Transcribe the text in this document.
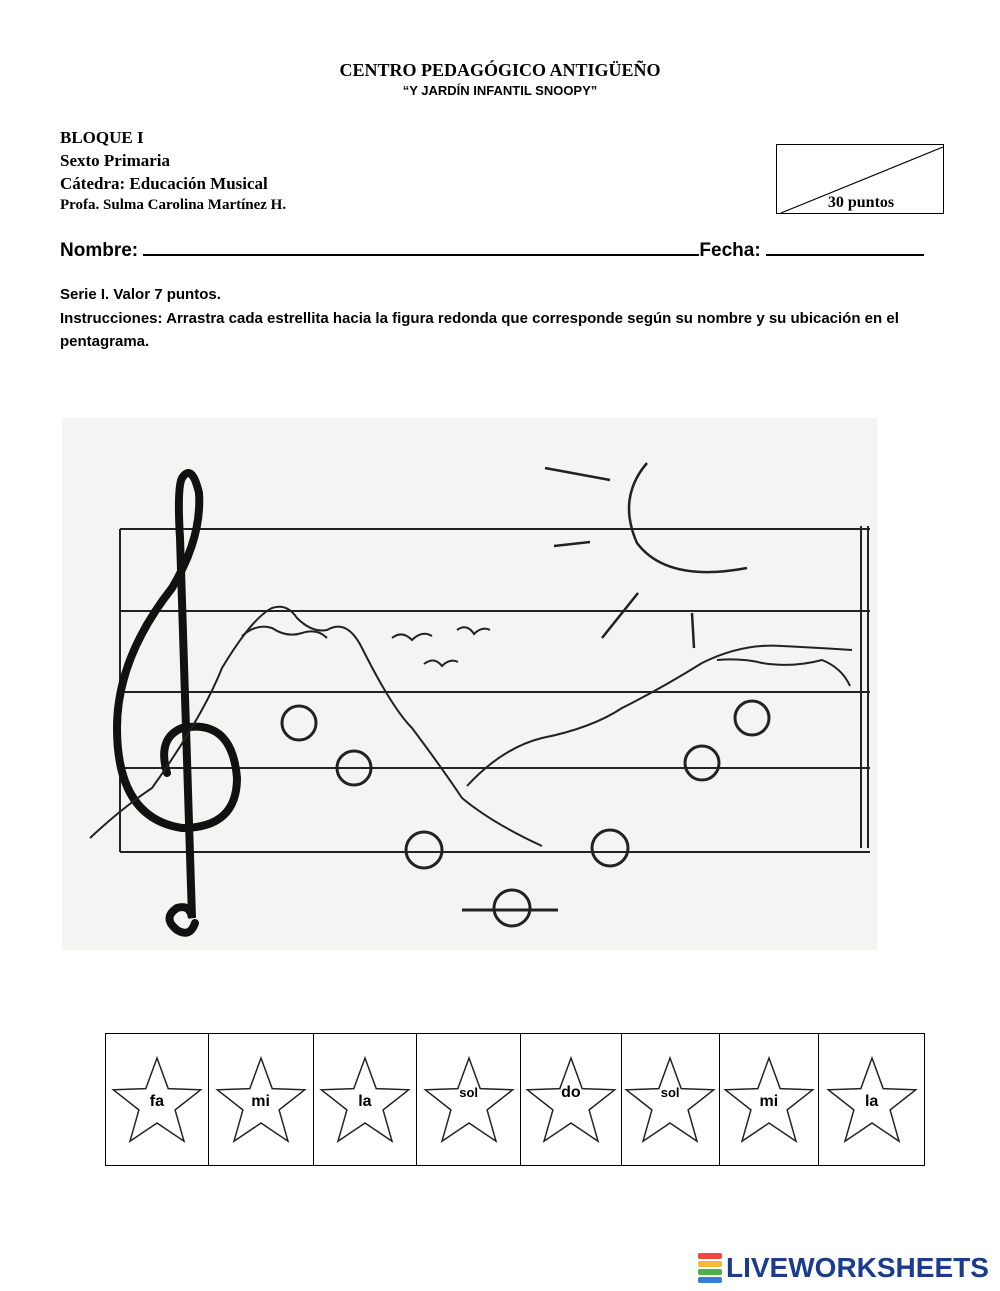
CENTRO PEDAGÓGICO ANTIGÜEÑO
“Y JARDÍN INFANTIL SNOOPY”
BLOQUE I
Sexto Primaria
Cátedra: Educación Musical
Profa. Sulma Carolina Martínez H.	30 puntos
Nombre:	Fecha:
Serie I. Valor 7 puntos.
Instrucciones: Arrastra cada estrellita hacia la figura redonda que corresponde según su nombre y su ubicación en el pentagrama.
fa	mi	la	sol	do	sol	mi	la
LIVEWORKSHEETS
